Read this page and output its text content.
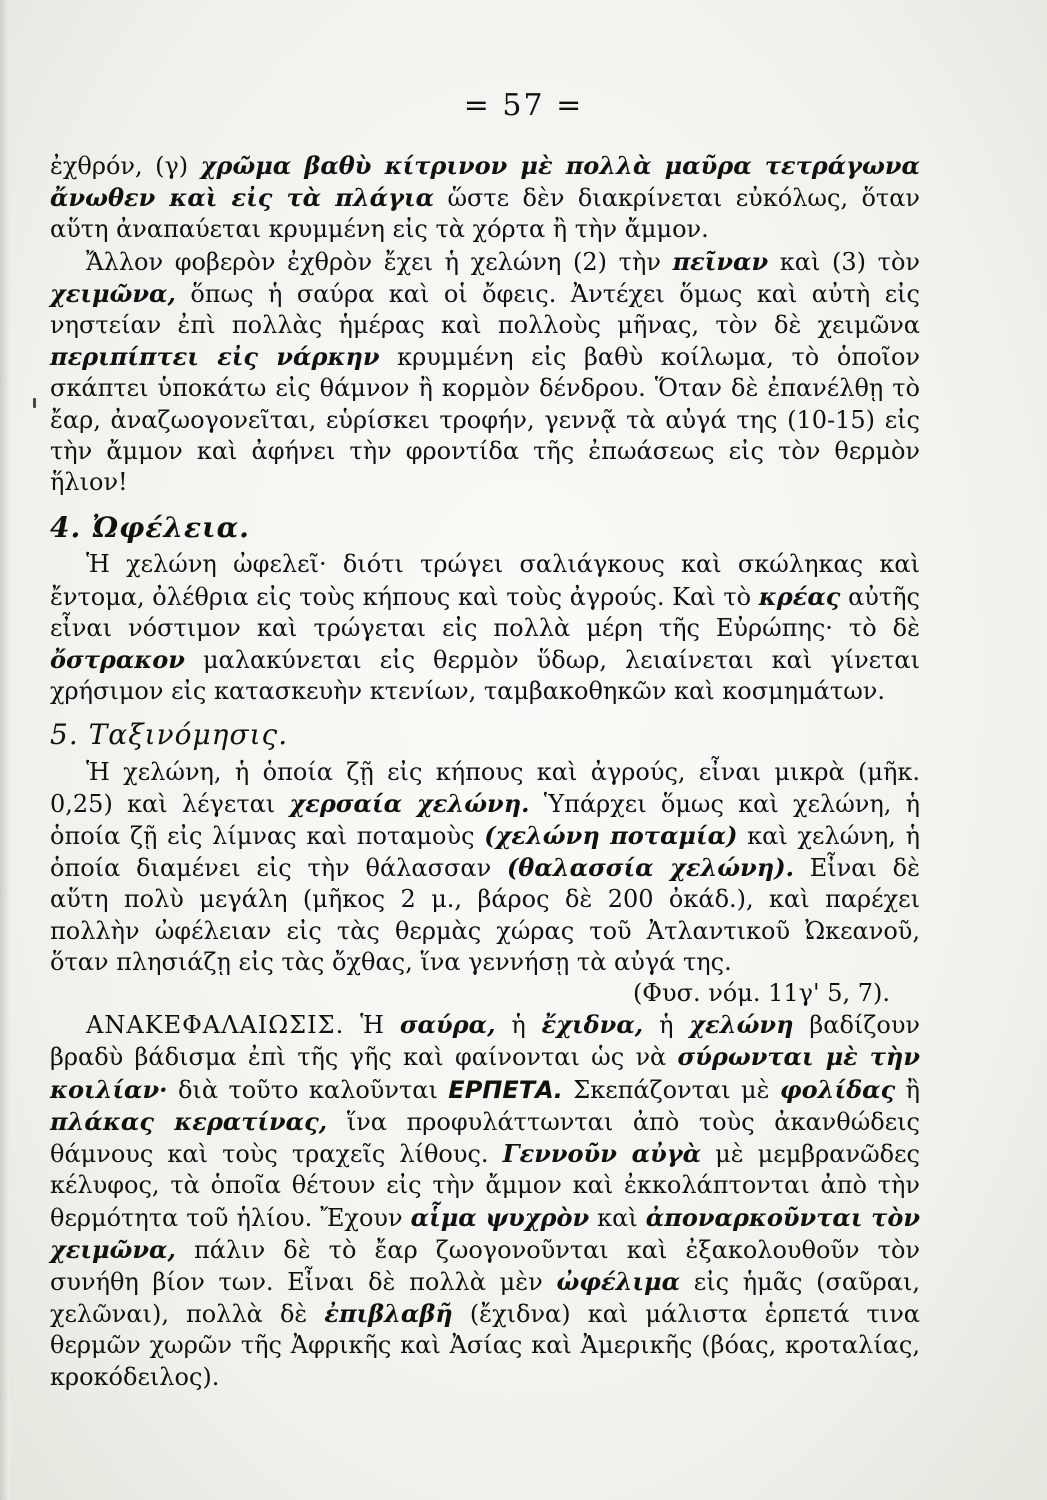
= 57 =

ἐχθρόν, (γ) χρῶμα βαθὺ κίτρινον μὲ πολλὰ μαῦρα τετράγωνα ἄνωθεν καὶ εἰς τὰ πλάγια ὥστε δὲν διακρίνεται εὐκόλως, ὅταν αὕτη ἀναπαύεται κρυμμένη εἰς τὰ χόρτα ἢ τὴν ἄμμον.

Ἄλλον φοβερὸν ἐχθρὸν ἔχει ἡ χελώνη (2) τὴν πεῖναν καὶ (3) τὸν χειμῶνα, ὅπως ἡ σαύρα καὶ οἱ ὄφεις. Ἀντέχει ὅμως καὶ αὐτὴ εἰς νηστείαν ἐπὶ πολλὰς ἡμέρας καὶ πολλοὺς μῆνας, τὸν δὲ χειμῶνα περιπίπτει εἰς νάρκην κρυμμένη εἰς βαθὺ κοίλωμα, τὸ ὁποῖον σκάπτει ὑποκάτω εἰς θάμνον ἢ κορμὸν δένδρου. Ὅταν δὲ ἐπανέλθῃ τὸ ἔαρ, ἀναζωογονεῖται, εὑρίσκει τροφήν, γεννᾷ τὰ αὐγά της (10-15) εἰς τὴν ἄμμον καὶ ἀφήνει τὴν φροντίδα τῆς ἐπωάσεως εἰς τὸν θερμὸν ἥλιον!

4. Ὠφέλεια.

Ἡ χελώνη ὠφελεῖ· διότι τρώγει σαλιάγκους καὶ σκώληκας καὶ ἔντομα, ὀλέθρια εἰς τοὺς κήπους καὶ τοὺς ἀγρούς. Καὶ τὸ κρέας αὐτῆς εἶναι νόστιμον καὶ τρώγεται εἰς πολλὰ μέρη τῆς Εὐρώπης· τὸ δὲ ὄστρακον μαλακύνεται εἰς θερμὸν ὕδωρ, λειαίνεται καὶ γίνεται χρήσιμον εἰς κατασκευὴν κτενίων, ταμβακοθηκῶν καὶ κοσμημάτων.

5. Ταξινόμησις.

Ἡ χελώνη, ἡ ὁποία ζῇ εἰς κήπους καὶ ἀγρούς, εἶναι μικρὰ (μῆκ. 0,25) καὶ λέγεται χερσαία χελώνη. Ὑπάρχει ὅμως καὶ χελώνη, ἡ ὁποία ζῇ εἰς λίμνας καὶ ποταμοὺς (χελώνη ποταμία) καὶ χελώνη, ἡ ὁποία διαμένει εἰς τὴν θάλασσαν (θαλασσία χελώνη). Εἶναι δὲ αὕτη πολὺ μεγάλη (μῆκος 2 μ., βάρος δὲ 200 ὀκάδ.), καὶ παρέχει πολλὴν ὠφέλειαν εἰς τὰς θερμὰς χώρας τοῦ Ἀτλαντικοῦ Ὠκεανοῦ, ὅταν πλησιάζῃ εἰς τὰς ὄχθας, ἵνα γεννήσῃ τὰ αὐγά της.

(Φυσ. νόμ. 11γ' 5, 7).

ΑΝΑΚΕΦΑΛΑΙΩΣΙΣ. Ἡ σαύρα, ἡ ἔχιδνα, ἡ χελώνη βαδίζουν βραδὺ βάδισμα ἐπὶ τῆς γῆς καὶ φαίνονται ὡς νὰ σύρωνται μὲ τὴν κοιλίαν· διὰ τοῦτο καλοῦνται ΕΡΠΕΤΑ. Σκεπάζονται μὲ φολίδας ἢ πλάκας κερατίνας, ἵνα προφυλάττωνται ἀπὸ τοὺς ἀκανθώδεις θάμνους καὶ τοὺς τραχεῖς λίθους. Γεννοῦν αὐγὰ μὲ μεμβρανῶδες κέλυφος, τὰ ὁποῖα θέτουν εἰς τὴν ἄμμον καὶ ἐκκολάπτονται ἀπὸ τὴν θερμότητα τοῦ ἡλίου. Ἔχουν αἷμα ψυχρὸν καὶ ἀποναρκοῦνται τὸν χειμῶνα, πάλιν δὲ τὸ ἔαρ ζωογονοῦνται καὶ ἐξακολουθοῦν τὸν συνήθη βίον των. Εἶναι δὲ πολλὰ μὲν ὠφέλιμα εἰς ἡμᾶς (σαῦραι, χελῶναι), πολλὰ δὲ ἐπιβλαβῆ (ἔχιδνα) καὶ μάλιστα ἑρπετά τινα θερμῶν χωρῶν τῆς Ἀφρικῆς καὶ Ἀσίας καὶ Ἀμερικῆς (βόας, κροταλίας, κροκόδειλος).
